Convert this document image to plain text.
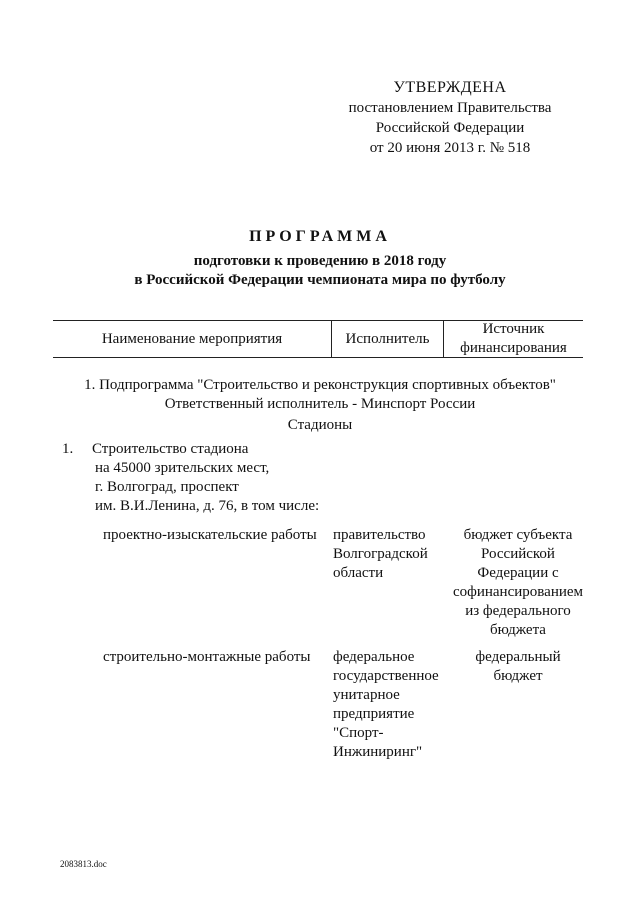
УТВЕРЖДЕНА
постановлением Правительства
Российской Федерации
от 20 июня 2013 г. № 518
ПРОГРАММА
подготовки к проведению в 2018 году
в Российской Федерации чемпионата мира по футболу
Наименование мероприятия	Исполнитель
Источник
финансирования
1. Подпрограмма "Строительство и реконструкция спортивных объектов"
Ответственный исполнитель - Минспорт России
Стадионы
1. Строительство стадиона
на 45000 зрительских мест,
г. Волгоград, проспект
им. В.И.Ленина, д. 76, в том числе:
проектно-изыскательские работы правительство
Волгоградской
области
бюджет субъекта
Российской
Федерации с
софинансированием
из федерального
бюджета
строительно-монтажные работы федеральное
государственное
унитарное
предприятие
"Спорт-
Инжиниринг"
федеральный
бюджет
2083813.doc
